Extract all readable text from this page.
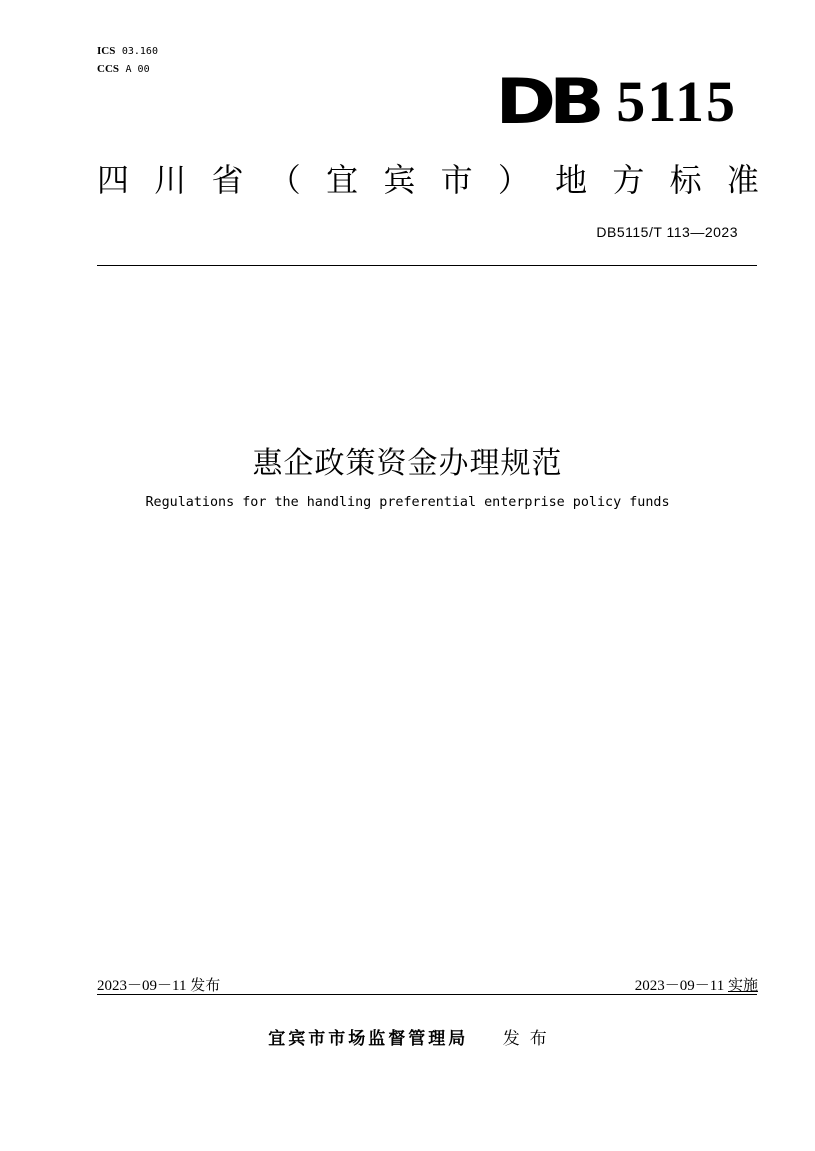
ICS 03.160
CCS A 00	DB 5115
四 川 省 （ 宜 宾 市 ） 地 方 标 准
DB5115/T 113—2023
惠企政策资金办理规范
Regulations for the handling preferential enterprise policy funds
2023－09－11 发布	2023－09－11 实施
宜宾市市场监督管理局 发布
